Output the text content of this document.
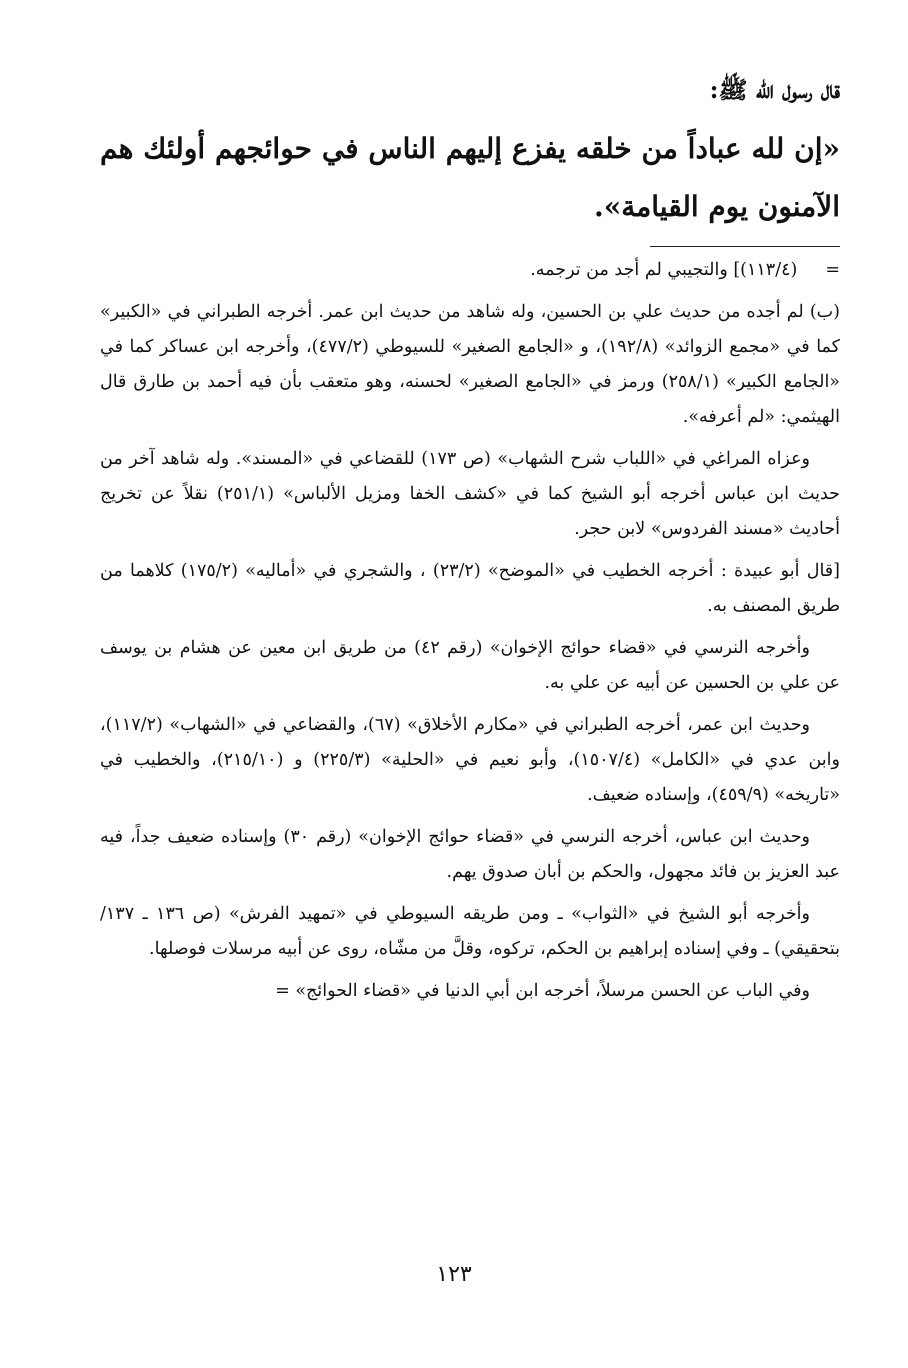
قال رسول الله ﷺ:

«إن لله عباداً من خلقه يفزع إليهم الناس في حوائجهم أولئك هم الآمنون يوم القيامة».

=(١١٣/٤)] والتجيبي لم أجد من ترجمه.

(ب) لم أجده من حديث علي بن الحسين، وله شاهد من حديث ابن عمر. أخرجه الطبراني في «الكبير» كما في «مجمع الزوائد» (١٩٢/٨)، و «الجامع الصغير» للسيوطي (٤٧٧/٢)، وأخرجه ابن عساكر كما في «الجامع الكبير» (٢٥٨/١) ورمز في «الجامع الصغير» لحسنه، وهو متعقب بأن فيه أحمد بن طارق قال الهيثمي: «لم أعرفه».

وعزاه المراغي في «اللباب شرح الشهاب» (ص ١٧٣) للقضاعي في «المسند». وله شاهد آخر من حديث ابن عباس أخرجه أبو الشيخ كما في «كشف الخفا ومزيل الألباس» (٢٥١/١) نقلاً عن تخريج أحاديث «مسند الفردوس» لابن حجر.

[قال أبو عبيدة : أخرجه الخطيب في «الموضح» (٢٣/٢) ، والشجري في «أماليه» (١٧٥/٢) كلاهما من طريق المصنف به.

وأخرجه النرسي في «قضاء حوائج الإخوان» (رقم ٤٢) من طريق ابن معين عن هشام بن يوسف عن علي بن الحسين عن أبيه عن علي به.

وحديث ابن عمر، أخرجه الطبراني في «مكارم الأخلاق» (٦٧)، والقضاعي في «الشهاب» (١١٧/٢)، وابن عدي في «الكامل» (١٥٠٧/٤)، وأبو نعيم في «الحلية» (٢٢٥/٣) و (٢١٥/١٠)، والخطيب في «تاريخه» (٤٥٩/٩)، وإسناده ضعيف.

وحديث ابن عباس، أخرجه النرسي في «قضاء حوائج الإخوان» (رقم ٣٠) وإسناده ضعيف جداً، فيه عبد العزيز بن فائد مجهول، والحكم بن أبان صدوق يهم.

وأخرجه أبو الشيخ في «الثواب» ـ ومن طريقه السيوطي في «تمهيد الفرش» (ص ١٣٦ ـ ١٣٧/ بتحقيقي) ـ وفي إسناده إبراهيم بن الحكم، تركوه، وقلَّ من مشّاه، روى عن أبيه مرسلات فوصلها.

وفي الباب عن الحسن مرسلاً، أخرجه ابن أبي الدنيا في «قضاء الحوائج» =

١٢٣
